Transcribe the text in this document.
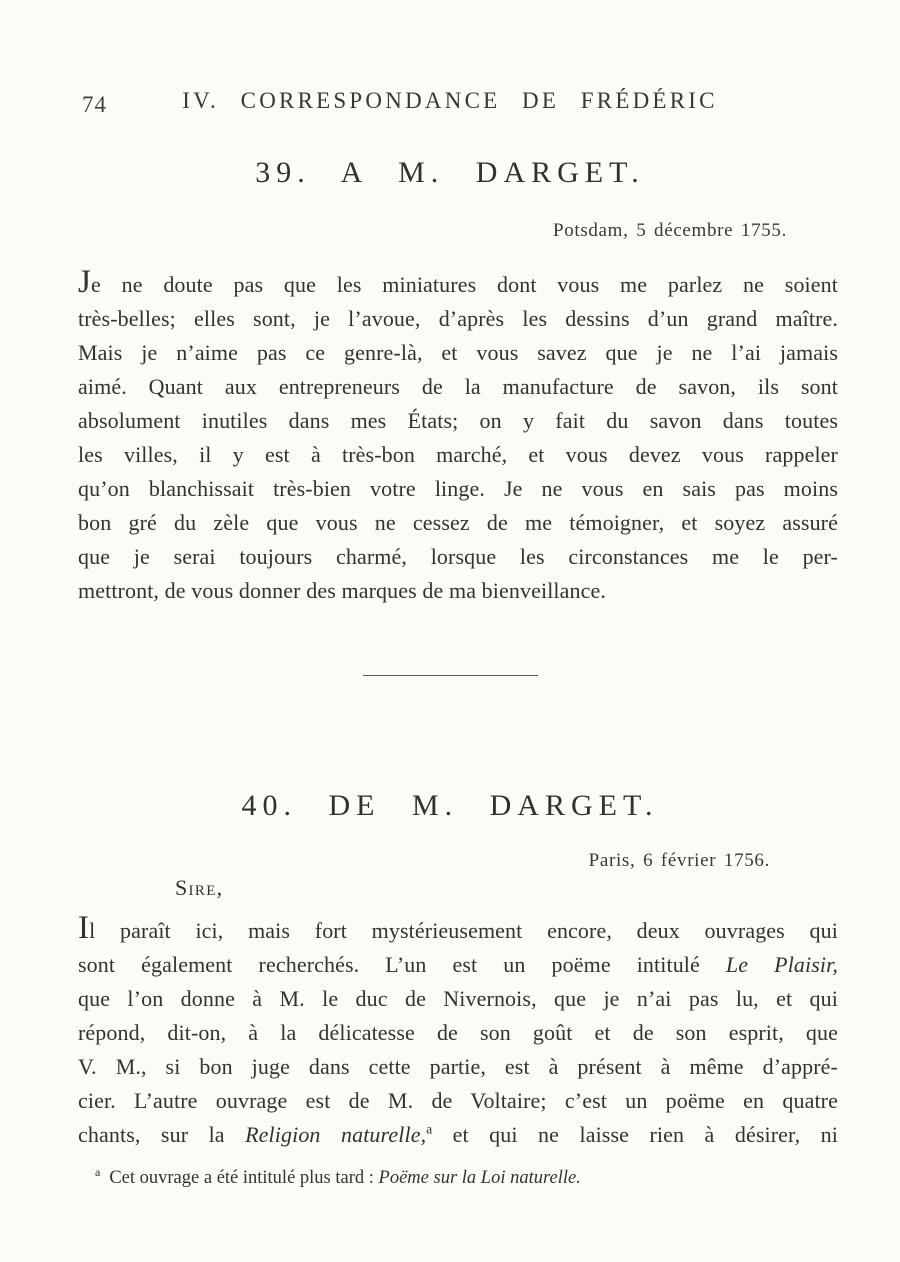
74	IV. CORRESPONDANCE DE FRÉDÉRIC
39. A M. DARGET.
Potsdam, 5 décembre 1755.
Je ne doute pas que les miniatures dont vous me parlez ne soient
très-belles; elles sont, je l’avoue, d’après les dessins d’un grand maître.
Mais je n’aime pas ce genre-là, et vous savez que je ne l’ai jamais
aimé. Quant aux entrepreneurs de la manufacture de savon, ils sont
absolument inutiles dans mes États; on y fait du savon dans toutes
les villes, il y est à très-bon marché, et vous devez vous rappeler
qu’on blanchissait très-bien votre linge. Je ne vous en sais pas moins
bon gré du zèle que vous ne cessez de me témoigner, et soyez assuré
que je serai toujours charmé, lorsque les circonstances me le per-
mettront, de vous donner des marques de ma bienveillance.
40. DE M. DARGET.
Paris, 6 février 1756.
Sire,
Il paraît ici, mais fort mystérieusement encore, deux ouvrages qui
sont également recherchés. L’un est un poëme intitulé Le Plaisir,
que l’on donne à M. le duc de Nivernois, que je n’ai pas lu, et qui
répond, dit-on, à la délicatesse de son goût et de son esprit, que
V. M., si bon juge dans cette partie, est à présent à même d’appré-
cier. L’autre ouvrage est de M. de Voltaire; c’est un poëme en quatre
chants, sur la Religion naturelle,$^a$ et qui ne laisse rien à désirer, ni
$^a$ Cet ouvrage a été intitulé plus tard : Poëme sur la Loi naturelle.
